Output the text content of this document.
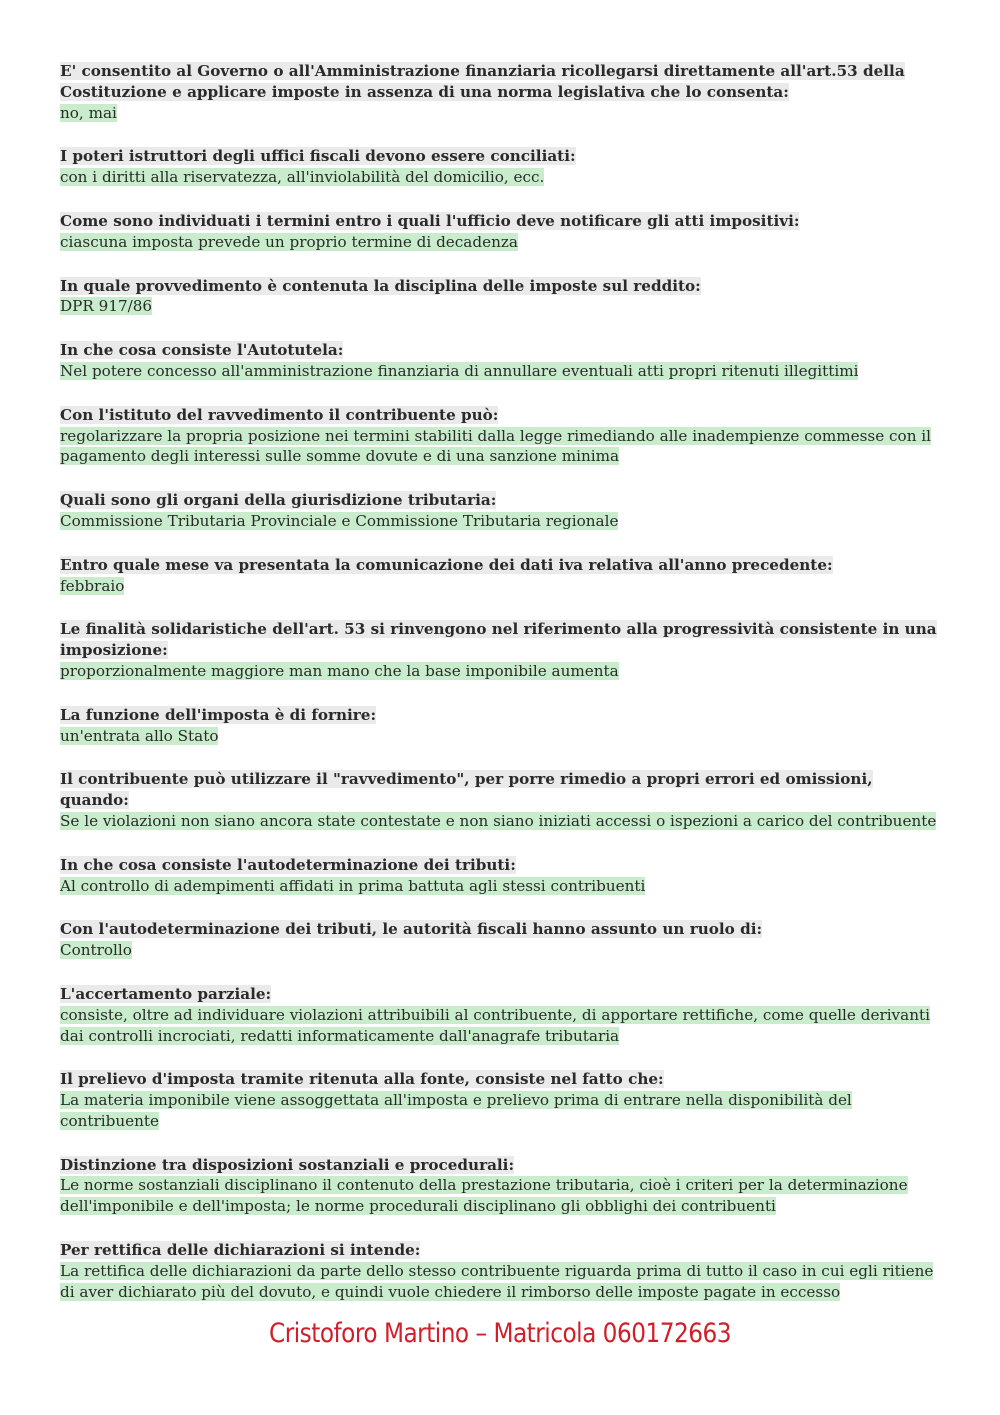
E' consentito al Governo o all'Amministrazione finanziaria ricollegarsi direttamente all'art.53 della Costituzione e applicare imposte in assenza di una norma legislativa che lo consenta:

no, mai

I poteri istruttori degli uffici fiscali devono essere conciliati:

con i diritti alla riservatezza, all'inviolabilità del domicilio, ecc.

Come sono individuati i termini entro i quali l'ufficio deve notificare gli atti impositivi:

ciascuna imposta prevede un proprio termine di decadenza

In quale provvedimento è contenuta la disciplina delle imposte sul reddito:

DPR 917/86

In che cosa consiste l'Autotutela:

Nel potere concesso all'amministrazione finanziaria di annullare eventuali atti propri ritenuti illegittimi

Con l'istituto del ravvedimento il contribuente può:

regolarizzare la propria posizione nei termini stabiliti dalla legge rimediando alle inadempienze commesse con il pagamento degli interessi sulle somme dovute e di una sanzione minima

Quali sono gli organi della giurisdizione tributaria:

Commissione Tributaria Provinciale e Commissione Tributaria regionale

Entro quale mese va presentata la comunicazione dei dati iva relativa all'anno precedente:

febbraio

Le finalità solidaristiche dell'art. 53 si rinvengono nel riferimento alla progressività consistente in una imposizione:

proporzionalmente maggiore man mano che la base imponibile aumenta

La funzione dell'imposta è di fornire:

un'entrata allo Stato

Il contribuente può utilizzare il "ravvedimento", per porre rimedio a propri errori ed omissioni, quando:

Se le violazioni non siano ancora state contestate e non siano iniziati accessi o ispezioni a carico del contribuente

In che cosa consiste l'autodeterminazione dei tributi:

Al controllo di adempimenti affidati in prima battuta agli stessi contribuenti

Con l'autodeterminazione dei tributi, le autorità fiscali hanno assunto un ruolo di:

Controllo

L'accertamento parziale:

consiste, oltre ad individuare violazioni attribuibili al contribuente, di apportare rettifiche, come quelle derivanti dai controlli incrociati, redatti informaticamente dall'anagrafe tributaria

Il prelievo d'imposta tramite ritenuta alla fonte, consiste nel fatto che:

La materia imponibile viene assoggettata all'imposta e prelievo prima di entrare nella disponibilità del contribuente

Distinzione tra disposizioni sostanziali e procedurali:

Le norme sostanziali disciplinano il contenuto della prestazione tributaria, cioè i criteri per la determinazione dell'imponibile e dell'imposta; le norme procedurali disciplinano gli obblighi dei contribuenti

Per rettifica delle dichiarazioni si intende:

La rettifica delle dichiarazioni da parte dello stesso contribuente riguarda prima di tutto il caso in cui egli ritiene di aver dichiarato più del dovuto, e quindi vuole chiedere il rimborso delle imposte pagate in eccesso

Cristoforo Martino – Matricola 060172663
